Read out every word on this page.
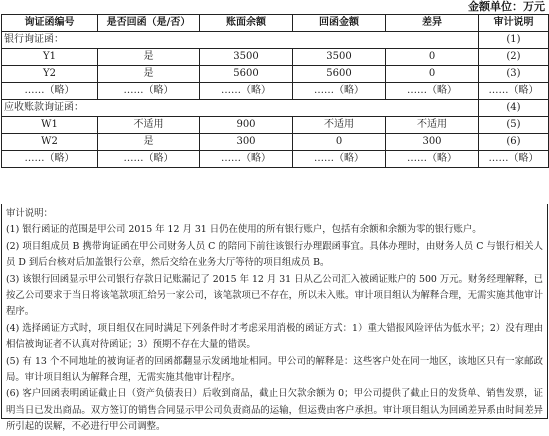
金额单位：万元
询证函编号	是否回函（是/否）	账面余额	回函金额	差异	审计说明
银行询证函：					(1)
Y1	是	3500	3500	0	(2)
Y2	是	5600	5600	0	(3)
……（略）	……（略）	……（略）	……（略）	……（略）	……（略）
应收账款询证函：					(4)
W1	不适用	900	不适用	不适用	(5)
W2	是	300	0	300	(6)
……（略）	……（略）	……（略）	……（略）	……（略）	……（略）

审计说明：

(1) 银行函证的范围是甲公司 2015 年 12 月 31 日仍在使用的所有银行账户，包括有余额和余额为零的银行账户。

(2) 项目组成员 B 携带询证函在甲公司财务人员 C 的陪同下前往该银行办理跟函事宜。具体办理时，由财务人员 C 与银行相关人员 D 到后台核对后加盖银行公章，然后交给在业务大厅等待的项目组成员 B。

(3) 该银行回函显示甲公司银行存款日记账漏记了 2015 年 12 月 31 日从乙公司汇入被函证账户的 500 万元。财务经理解释，已按乙公司要求于当日将该笔款项汇给另一家公司，该笔款项已不存在，所以未入账。审计项目组认为解释合理，无需实施其他审计程序。

(4) 选择函证方式时，项目组仅在同时满足下列条件时才考虑采用消极的函证方式：1）重大错报风险评估为低水平；2）没有理由相信被询证者不认真对待函证；3）预期不存在大量的错误。

(5) 有 13 个不同地址的被询证者的回函都翻显示发函地址相同。甲公司的解释是：这些客户处在同一地区，该地区只有一家邮政局。审计项目组认为解释合理，无需实施其他审计程序。

(6) 客户回函表明函证截止日（资产负债表日）后收到商品，截止日欠款余额为 0；甲公司提供了截止日的发货单、销售发票，证明当日已发出商品。双方签订的销售合同显示甲公司负责商品的运输，但运费由客户承担。审计项目组认为回函差异系由时间差异所引起的误解，不必进行甲公司调整。
